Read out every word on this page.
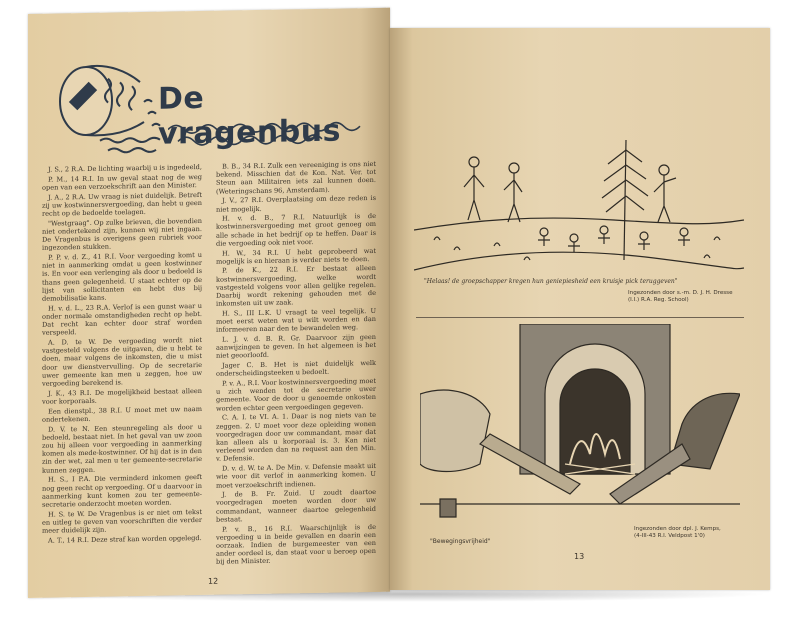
De vragenbus

J. S., 2 R.A. De lichting waarbij u is ingedeeld,

P. M., 14 R.I. In uw geval staat nog de weg open van een verzoekschrift aan den Minister.

J. A., 2 R.A. Uw vraag is niet duidelijk. Betreft zij uw kostwinnersvergoeding, dan hebt u geen recht op de bedoelde toelagen.

"Westgraag". Op zulke brieven, die bovendien niet ondertekend zijn, kunnen wij niet ingaan. De Vragenbus is overigens geen rubriek voor ingezonden stukken.

P. P. v. d. Z., 41 R.I. Voor vergoeding komt u niet in aanmerking omdat u geen kostwinner is. En voor een verlenging als door u bedoeld is thans geen gelegenheid. U staat echter op de lijst van sollicitanten en hebt dus bij demobilisatie kans.

H. v. d. L., 23 R.A. Verlof is een gunst waar u onder normale omstandigheden recht op hebt. Dat recht kan echter door straf worden verspeeld.

A. D. te W. De vergoeding wordt niet vastgesteld volgens de uitgaven, die u hebt te doen, maar volgens de inkomsten, die u mist door uw dienstvervulling. Op de secretarie uwer gemeente kan men u zeggen, hoe uw vergoeding berekend is.

J. K., 43 R.I. De mogelijkheid bestaat alleen voor korporaals.

Een dienstpl., 38 R.I. U moet met uw naam ondertekenen.

D. V. te N. Een steunregeling als door u bedoeld, bestaat niet. In het geval van uw zoon zou hij alleen voor vergoeding in aanmerking komen als mede-kostwinner. Of hij dat is in den zin der wet, zal men u ter gemeente-secretarie kunnen zeggen.

H. S., I P.A. Die verminderd inkomen geeft nog geen recht op vergoeding. Of u daarvoor in aanmerking kunt komen zou ter gemeente-secretarie onderzocht moeten worden.

H. S. te W. De Vragenbus is er niet om tekst en uitleg te geven van voorschriften die verder meer duidelijk zijn.

A. T., 14 R.I. Deze straf kan worden opgelegd.

B. B., 34 R.I. Zulk een vereeniging is ons niet bekend. Misschien dat de Kon. Nat. Ver. tot Steun aan Militairen iets zal kunnen doen. (Weteringschans 96, Amsterdam).

J. V., 27 R.I. Overplaatsing om deze reden is niet mogelijk.

H. v. d. B., 7 R.I. Natuurlijk is de kostwinnersvergoeding met groot genoeg om alle schade in het bedrijf op te heffen. Daar is die vergoeding ook niet voor.

H. W., 34 R.I. U hebt geprobeerd wat mogelijk is en hieraan is verder niets te doen.

P. de K., 22 R.I. Er bestaat alleen kostwinnersvergoeding, welke wordt vastgesteld volgens voor allen gelijke regelen. Daarbij wordt rekening gehouden met de inkomsten uit uw zaak.

H. S., III L.K. U vraagt te veel tegelijk. U moet eerst weten wat u wilt worden en dan informeeren naar den te bewandelen weg.

L. J. v. d. B. R. Gr. Daarvoor zijn geen aanwijzingen te geven. In het algemeen is het niet geoorloofd.

Jager C. B. Het is niet duidelijk welk onderscheidingsteeken u bedoelt.

P. v. A., R.I. Voor kostwinnersvergoeding moet u zich wenden tot de secretarie uwer gemeente. Voor de door u genoemde onkosten worden echter geen vergoedingen gegeven.

C. A. I. te VI. A. 1. Daar is nog niets van te zeggen. 2. U moet voor deze opleiding wonen voorgedragen door uw commandant, maar dat kan alleen als u korporaal is. 3. Kan niet verleend worden dan na request aan den Min. v. Defensie.

D. v. d. W. te A. De Min. v. Defensie maakt uit wie voor dit verlof in aanmerking komen. U moet verzoekschrift indienen.

J. de B. Fr. Zuid. U zoudt daartoe voorgedragen moeten worden door uw commandant, wanneer daartoe gelegenheid bestaat.

P. v. B., 16 R.I. Waarschijnlijk is de vergoeding u in beide gevallen en daarin een oorzaak. Indien de burgemeester van een ander oordeel is, dan staat voor u beroep open bij den Minister.

12
"Helaas! de groepschapper kregen hun geniepiesheid een kruisje pick teruggeven"
Ingezonden door s.-m. D. J. H. Dresse
(I.I.) R.A. Reg. School)
"Bewegingsvrijheid"
Ingezonden door dpl. J. Kemps,
(4-III-43 R.I. Veldpost 1'0)
13
